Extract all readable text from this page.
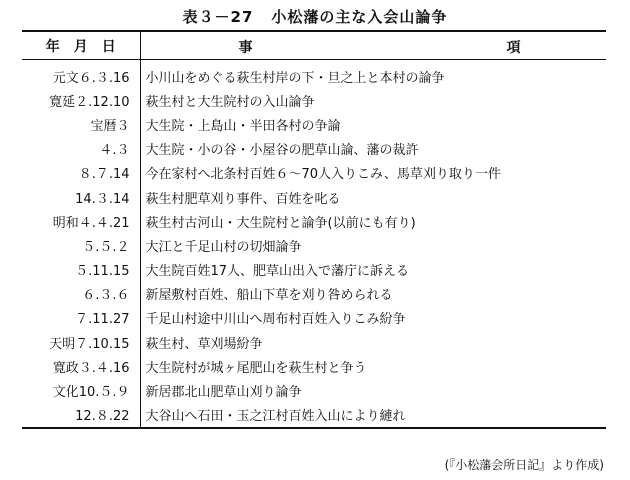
表３－27 小松藩の主な入会山論争
年　月　日	事 項

元文６.３.16	小川山をめぐる萩生村岸の下・旦之上と本村の論争
寛延２.12.10	萩生村と大生院村の入山論争
宝暦３	大生院・上島山・半田各村の争論
４.３	大生院・小の谷・小屋谷の肥草山論、藩の裁許
８.７.14	今在家村へ北条村百姓６～70人入りこみ、馬草刈り取り一件
14.３.14	萩生村肥草刈り事件、百姓を叱る
明和４.４.21	萩生村古河山・大生院村と論争(以前にも有り)
５.５.２	大江と千足山村の切畑論争
５.11.15	大生院百姓17人、肥草山出入で藩庁に訴える
６.３.６	新屋敷村百姓、船山下草を刈り咎められる
７.11.27	千足山村途中川山へ周布村百姓入りこみ紛争
天明７.10.15	萩生村、草刈場紛争
寛政３.４.16	大生院村が城ヶ尾肥山を萩生村と争う
文化10.５.９	新居郡北山肥草山刈り論争
12.８.22	大谷山へ石田・玉之江村百姓入山により縺れ
(『小松藩会所日記』より作成)
